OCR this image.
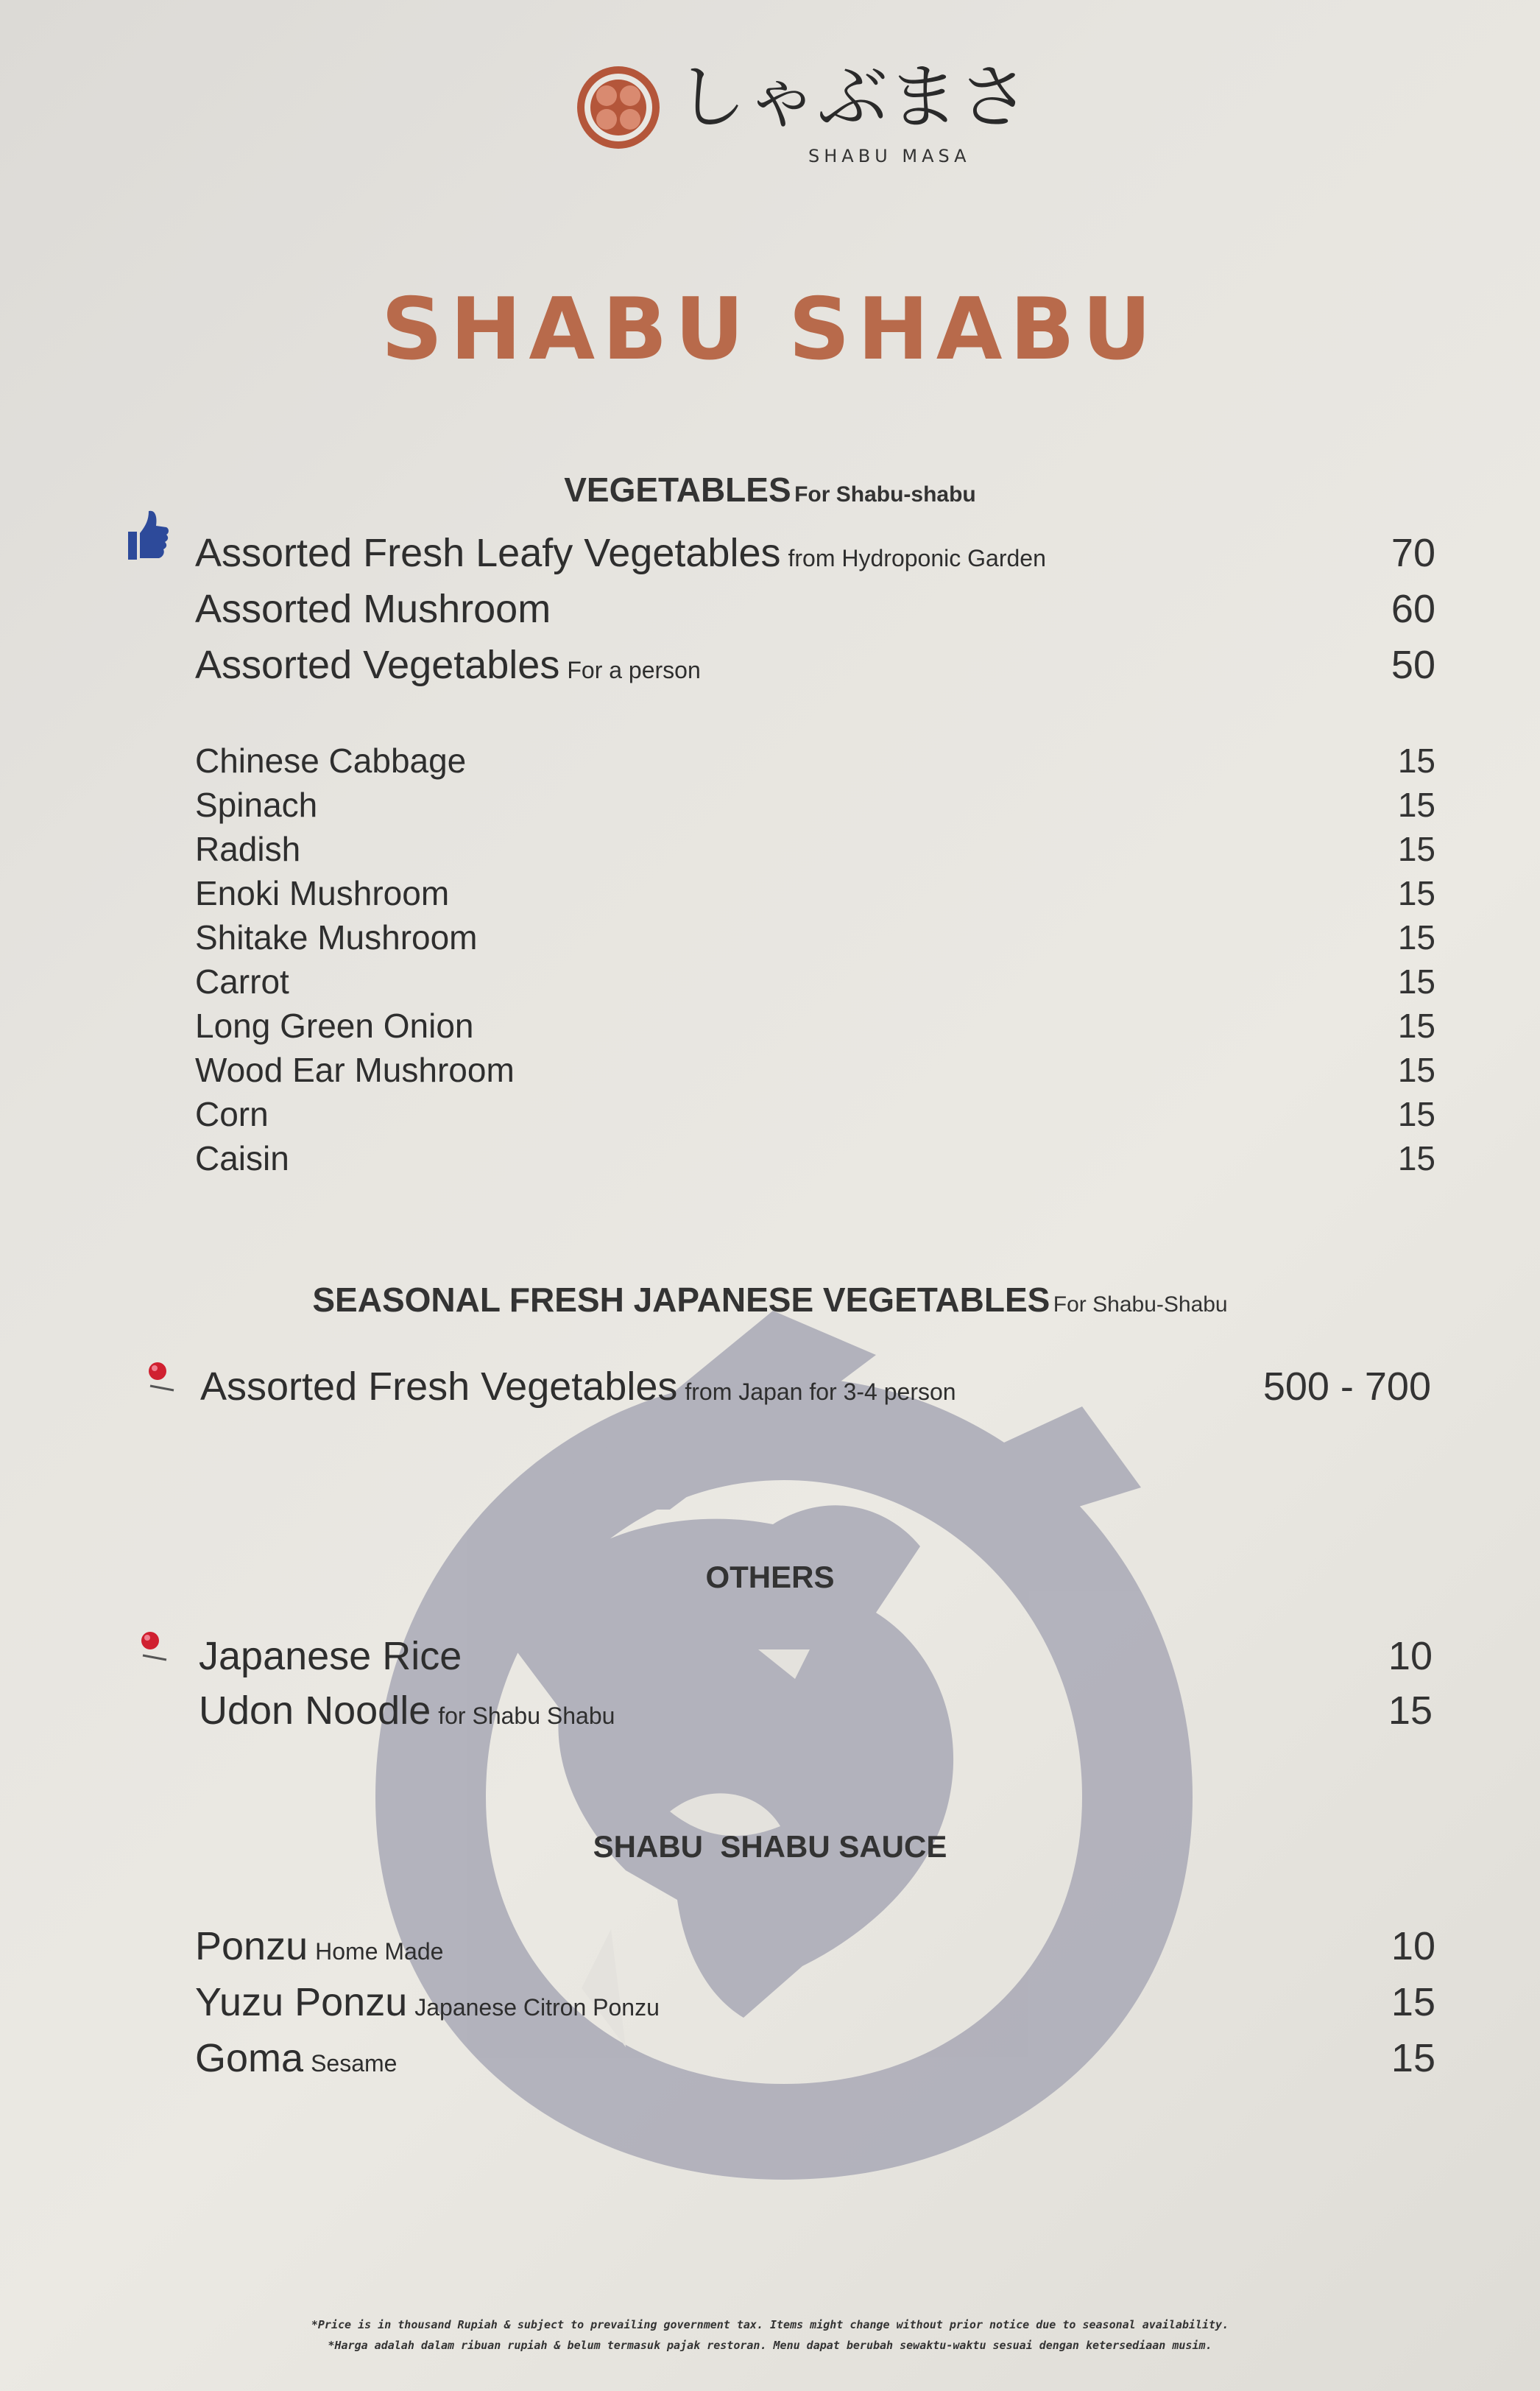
しゃぶまさ
SHABU MASA
SHABU SHABU
VEGETABLES For Shabu-shabu
Assorted Fresh Leafy Vegetables from Hydroponic Garden	70
Assorted Mushroom	60
Assorted Vegetables For a person	50
Chinese Cabbage	15
Spinach	15
Radish	15
Enoki Mushroom	15
Shitake Mushroom	15
Carrot	15
Long Green Onion	15
Wood Ear Mushroom	15
Corn	15
Caisin	15
SEASONAL FRESH JAPANESE VEGETABLES For Shabu-Shabu
Assorted Fresh Vegetables from Japan for 3-4 person	500 - 700
OTHERS
Japanese Rice	10
Udon Noodle for Shabu Shabu	15
SHABU  SHABU SAUCE
Ponzu Home Made	10
Yuzu Ponzu Japanese Citron Ponzu	15
Goma Sesame	15
*Price is in thousand Rupiah & subject to prevailing government tax. Items might change without prior notice due to seasonal availability.
*Harga adalah dalam ribuan rupiah & belum termasuk pajak restoran. Menu dapat berubah sewaktu-waktu sesuai dengan ketersediaan musim.
